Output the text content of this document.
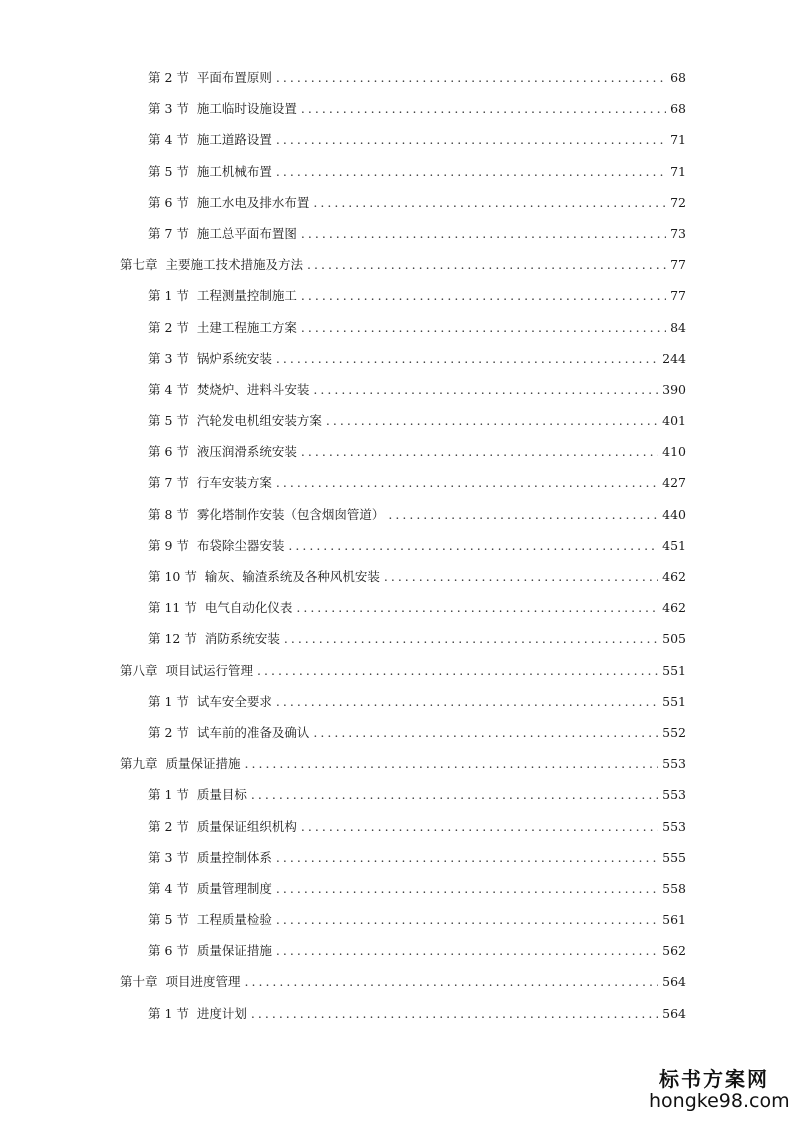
第 2 节 平面布置原则 .....	68
第 3 节 施工临时设施设置 .....	68
第 4 节 施工道路设置 .....	71
第 5 节 施工机械布置 .....	71
第 6 节 施工水电及排水布置 .....	72
第 7 节 施工总平面布置图 .....	73
第七章 主要施工技术措施及方法 .....	77
第 1 节 工程测量控制施工 .....	77
第 2 节 土建工程施工方案 .....	84
第 3 节 锅炉系统安装 .....	244
第 4 节 焚烧炉、进料斗安装 .....	390
第 5 节 汽轮发电机组安装方案 .....	401
第 6 节 液压润滑系统安装 .....	410
第 7 节 行车安装方案 .....	427
第 8 节 雾化塔制作安装（包含烟囱管道） .....	440
第 9 节 布袋除尘器安装 .....	451
第 10 节 输灰、输渣系统及各种风机安装 .....	462
第 11 节 电气自动化仪表 .....	462
第 12 节 消防系统安装 .....	505
第八章 项目试运行管理 .....	551
第 1 节 试车安全要求 .....	551
第 2 节 试车前的准备及确认 .....	552
第九章 质量保证措施 .....	553
第 1 节 质量目标 .....	553
第 2 节 质量保证组织机构 .....	553
第 3 节 质量控制体系 .....	555
第 4 节 质量管理制度 .....	558
第 5 节 工程质量检验 .....	561
第 6 节 质量保证措施 .....	562
第十章 项目进度管理 .....	564
第 1 节 进度计划 .....	564
标书方案网
hongke98.com
